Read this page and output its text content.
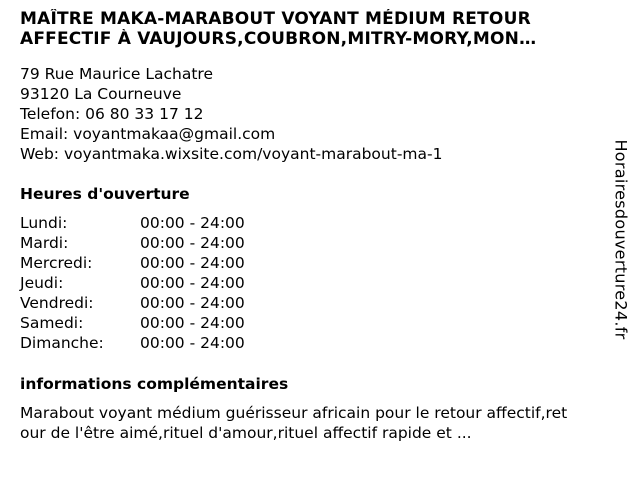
MAÎTRE MAKA-MARABOUT VOYANT MÉDIUM RETOUR
AFFECTIF À VAUJOURS,COUBRON,MITRY-MORY,MON…
79 Rue Maurice Lachatre
93120 La Courneuve
Telefon: 06 80 33 17 12
Email: voyantmakaa@gmail.com
Web: voyantmaka.wixsite.com/voyant-marabout-ma-1
Heures d'ouverture
Lundi:	00:00 - 24:00
Mardi:	00:00 - 24:00
Mercredi:	00:00 - 24:00
Jeudi:	00:00 - 24:00
Vendredi:	00:00 - 24:00
Samedi:	00:00 - 24:00
Dimanche:	00:00 - 24:00
informations complémentaires
Marabout voyant médium guérisseur africain pour le retour affectif,ret
our de l'être aimé,rituel d'amour,rituel affectif rapide et ...
Horairesdouverture24.fr
